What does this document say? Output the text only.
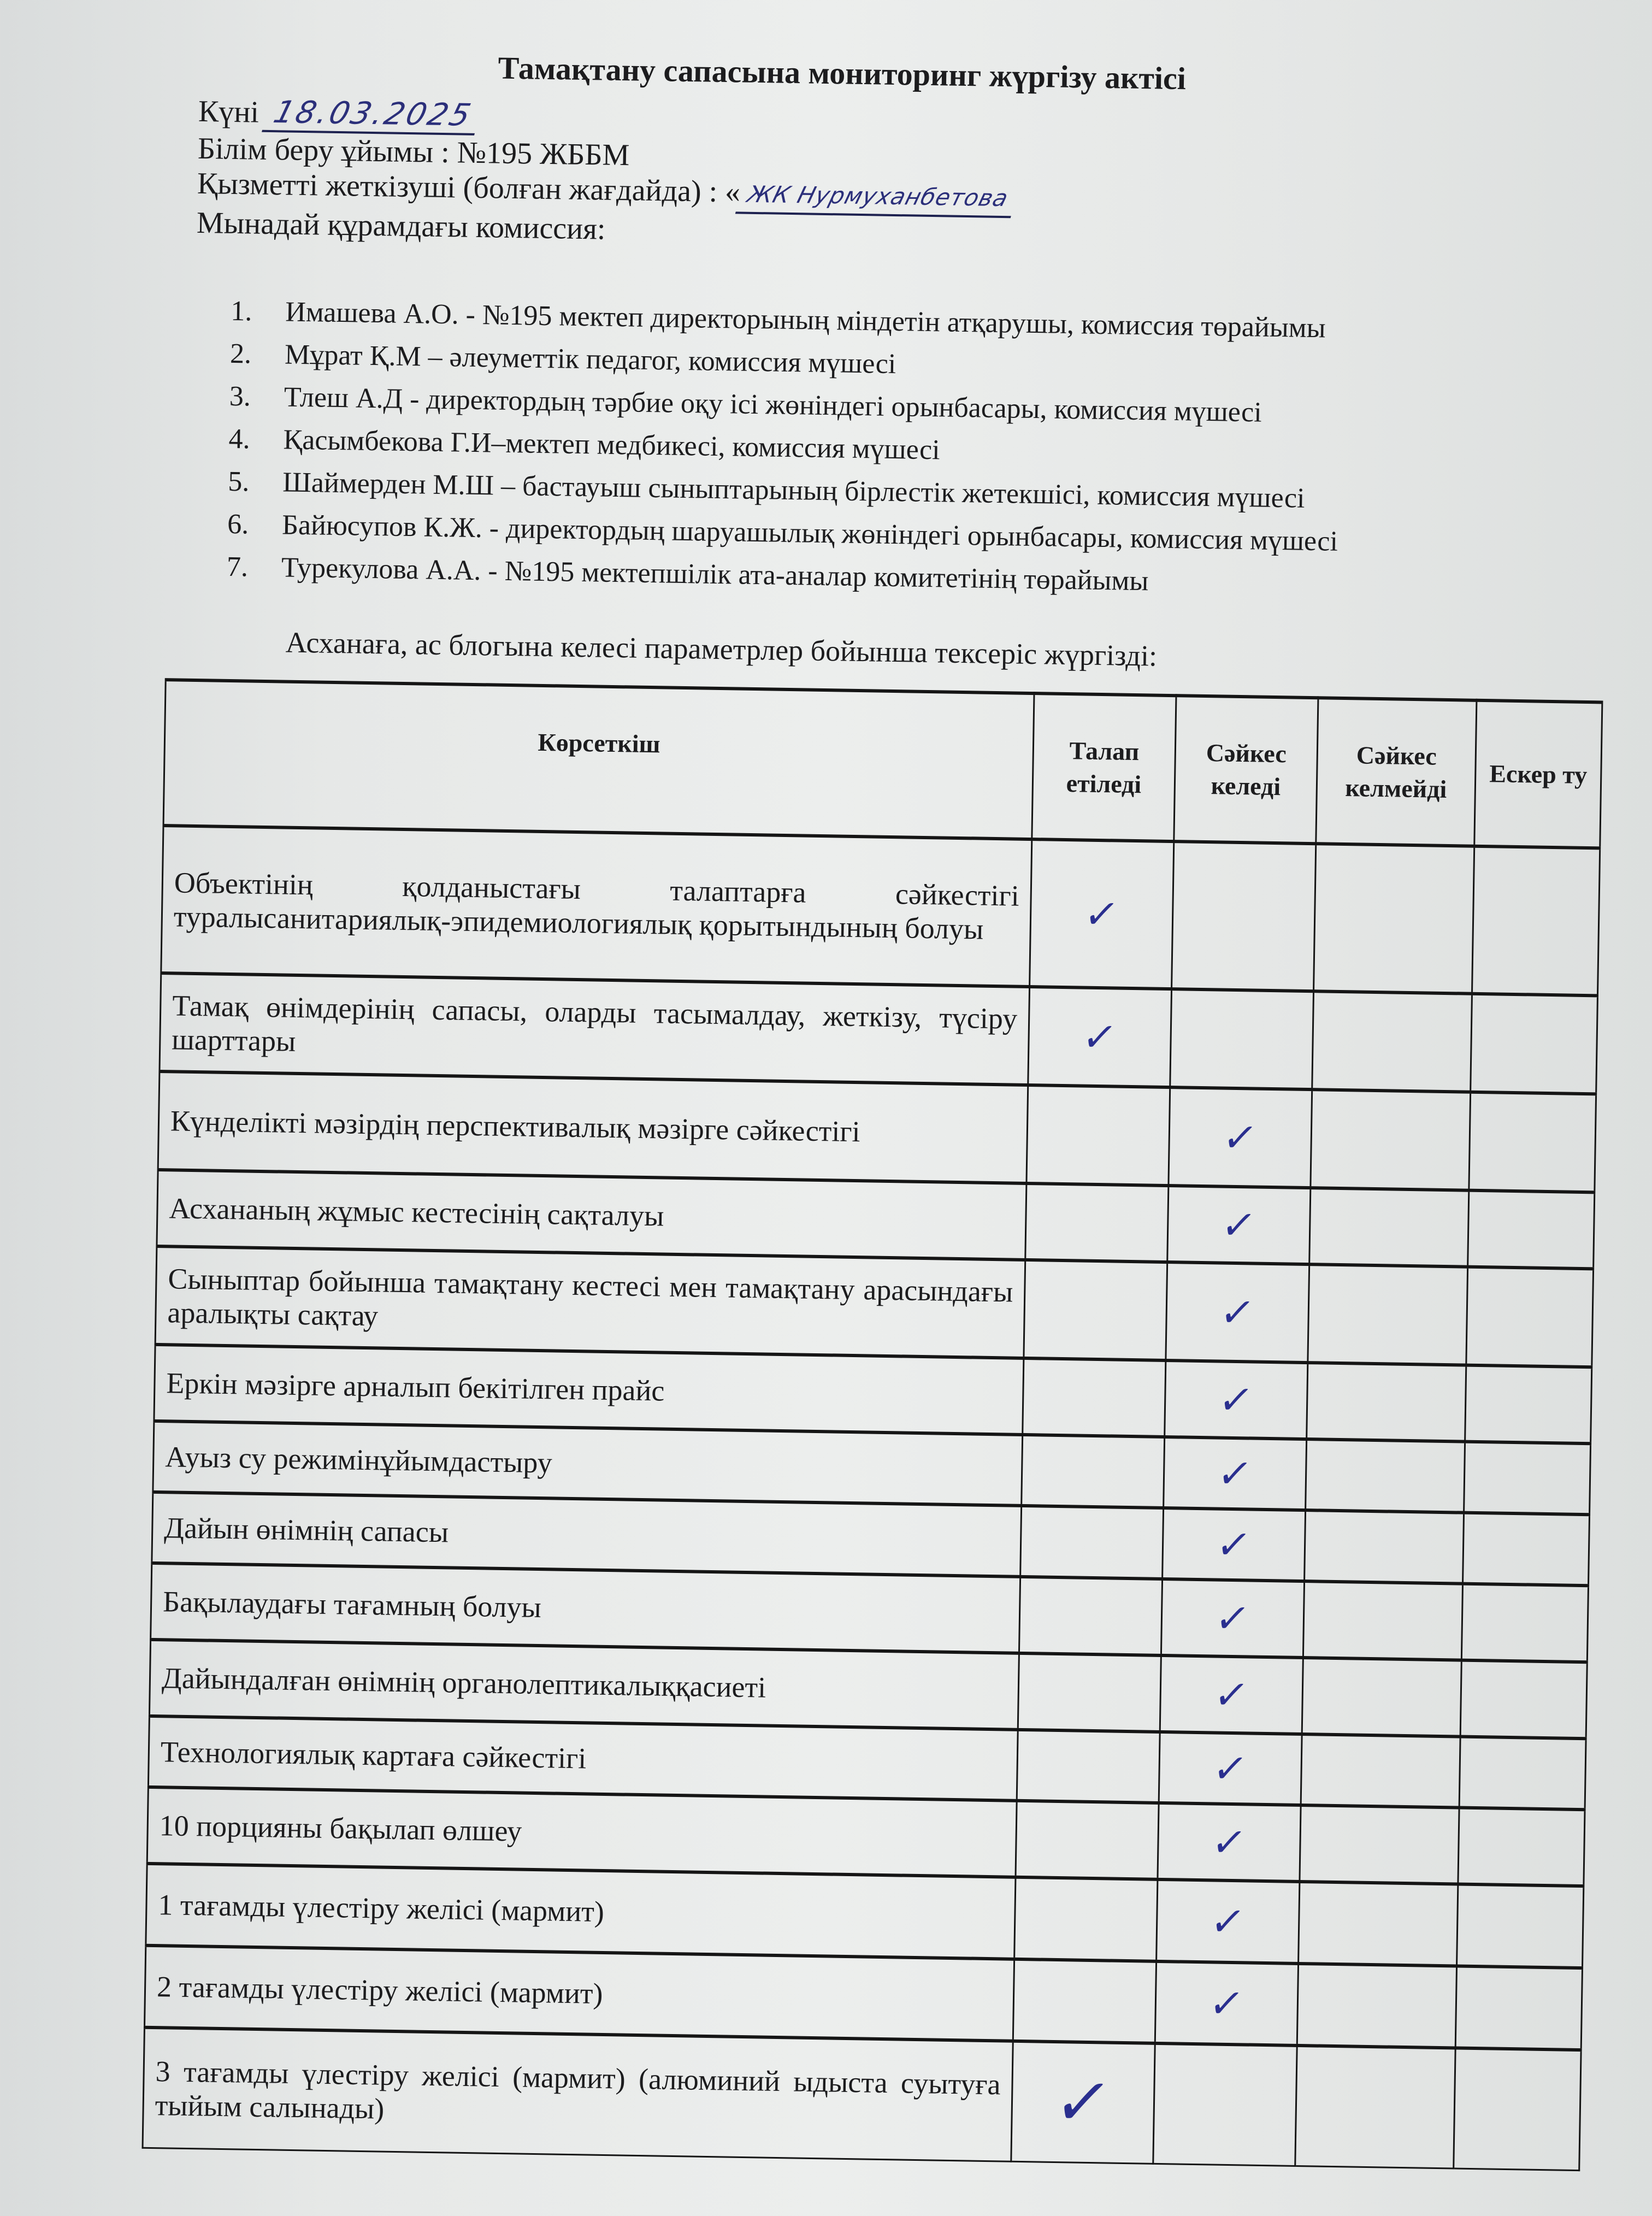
Тамақтану сапасына мониторинг жүргізу актісі
Күні 18.03.2025
Білім беру ұйымы : №195 ЖББМ
Қызметті жеткізуші (болған жағдайда) : « ЖК Нурмуханбетова
Мынадай құрамдағы комиссия:
1.	Имашева А.О. - №195 мектеп директорының міндетін атқарушы, комиссия төрайымы
2.	Мұрат Қ.М – әлеуметтік педагог, комиссия мүшесі
3.	Тлеш А.Д - директордың тәрбие оқу ісі жөніндегі орынбасары, комиссия мүшесі
4.	Қасымбекова Г.И–мектеп медбикесі, комиссия мүшесі
5.	Шаймерден М.Ш – бастауыш сыныптарының бірлестік жетекшісі, комиссия мүшесі
6.	Байюсупов К.Ж. - директордың шаруашылық жөніндегі орынбасары, комиссия мүшесі
7.	Турекулова А.А. - №195 мектепшілік ата-аналар комитетінің төрайымы
Асханаға, ас блогына келесі параметрлер бойынша тексеріс жүргізді:
Көрсеткіш	Талап етіледі	Сәйкес келеді	Сәйкес келмейді	Ескер ту
Объектінің қолданыстағы талаптарға сәйкестігі туралысанитариялық-эпидемиологиялық қорытындының болуы	✓			
Тамақ өнімдерінің сапасы, оларды тасымалдау, жеткізу, түсіру шарттары	✓			
Күнделікті мәзірдің перспективалық мәзірге сәйкестігі		✓		
Асхананың жұмыс кестесінің сақталуы		✓		
Сыныптар бойынша тамақтану кестесі мен тамақтану арасындағы аралықты сақтау		✓		
Еркін мәзірге арналып бекітілген прайс		✓		
Ауыз су режимінұйымдастыру		✓		
Дайын өнімнің сапасы		✓		
Бақылаудағы тағамның болуы		✓		
Дайындалған өнімнің органолептикалыққасиеті		✓		
Технологиялық картаға сәйкестігі		✓		
10 порцияны бақылап өлшеу		✓		
1 тағамды үлестіру желісі (мармит)		✓		
2 тағамды үлестіру желісі (мармит)		✓		
3 тағамды үлестіру желісі (мармит) (алюминий ыдыста суытуға тыйым салынады)	✓			
